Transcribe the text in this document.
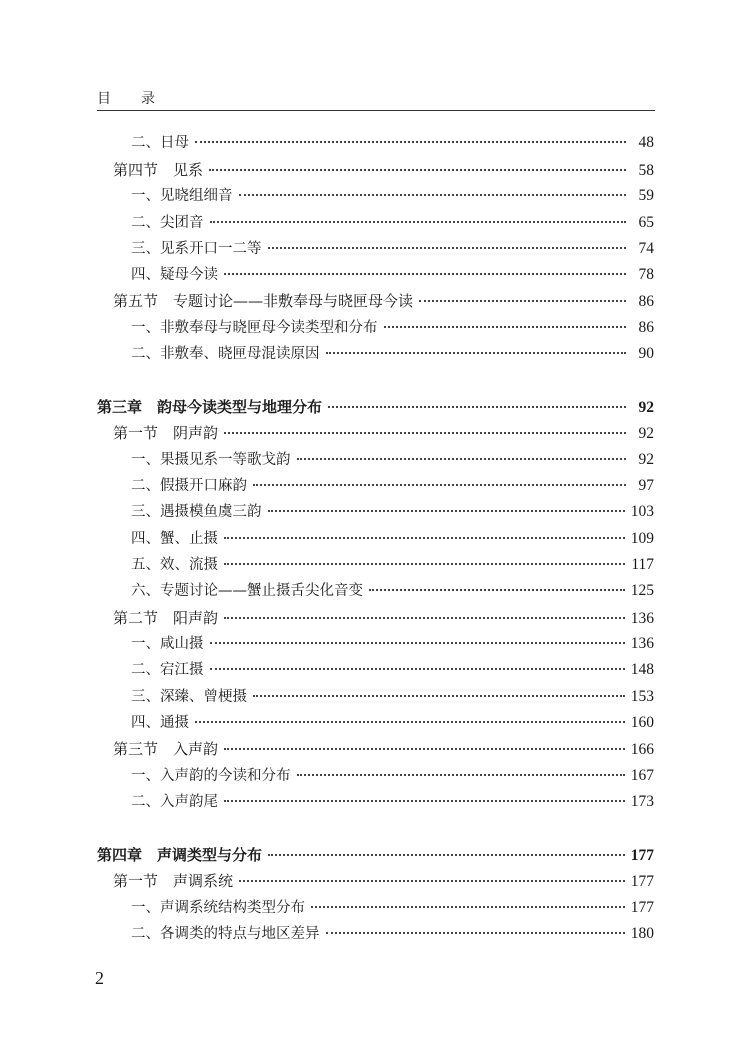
目 录
二、日母	48
第四节　见系	58
一、见晓组细音	59
二、尖团音	65
三、见系开口一二等	74
四、疑母今读	78
第五节　专题讨论——非敷奉母与晓匣母今读	86
一、非敷奉母与晓匣母今读类型和分布	86
二、非敷奉、晓匣母混读原因	90
第三章　韵母今读类型与地理分布	92
第一节　阴声韵	92
一、果摄见系一等歌戈韵	92
二、假摄开口麻韵	97
三、遇摄模鱼虞三韵	103
四、蟹、止摄	109
五、效、流摄	117
六、专题讨论——蟹止摄舌尖化音变	125
第二节　阳声韵	136
一、咸山摄	136
二、宕江摄	148
三、深臻、曾梗摄	153
四、通摄	160
第三节　入声韵	166
一、入声韵的今读和分布	167
二、入声韵尾	173
第四章　声调类型与分布	177
第一节　声调系统	177
一、声调系统结构类型分布	177
二、各调类的特点与地区差异	180
2
